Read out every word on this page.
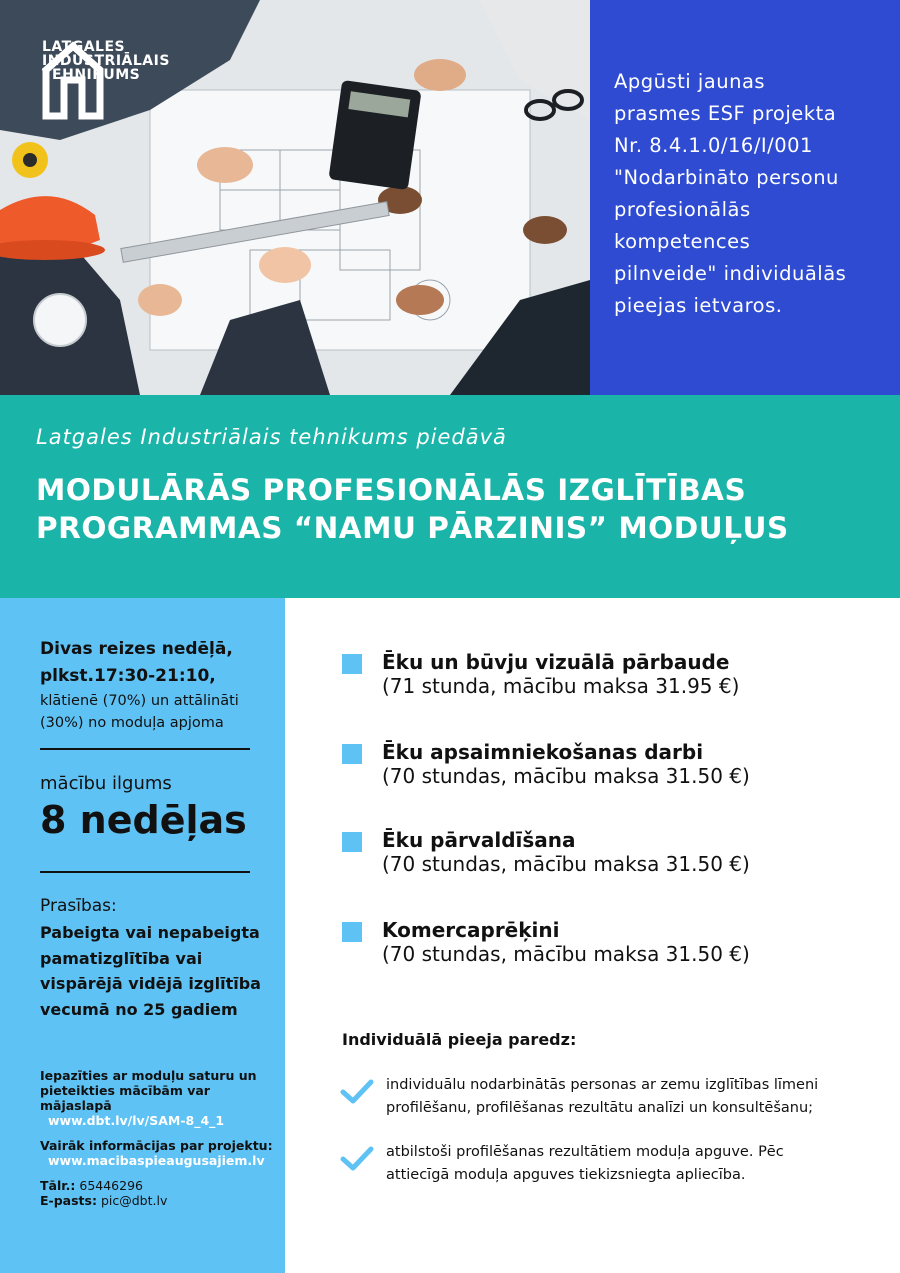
LATGALES
INDUSTRIĀLAIS
TEHNIKUMS	Apgūsti jaunas
prasmes ESF projekta
Nr. 8.4.1.0/16/I/001
"Nodarbināto personu
profesionālās
kompetences
pilnveide" individuālās
pieejas ietvaros.
Latgales Industriālais tehnikums piedāvā
MODULĀRĀS PROFESIONĀLĀS IZGLĪTĪBAS
PROGRAMMAS “NAMU PĀRZINIS” MODUĻUS
Divas reizes nedēļā,
plkst.17:30-21:10,
klātienē (70%) un attālināti
(30%) no moduļa apjoma
mācību ilgums
8 nedēļas
Prasības:
Pabeigta vai nepabeigta
pamatizglītība vai
vispārējā vidējā izglītība
vecumā no 25 gadiem
Iepazīties ar moduļu saturu un
pieteikties mācībām var mājaslapā
www.dbt.lv/lv/SAM-8_4_1
Vairāk informācijas par projektu:
www.macibaspieaugusajiem.lv
Tālr.: 65446296
E-pasts: pic@dbt.lv
Ēku un būvju vizuālā pārbaude
(71 stunda, mācību maksa 31.95 €)
Ēku apsaimniekošanas darbi
(70 stundas, mācību maksa 31.50 €)
Ēku pārvaldīšana
(70 stundas, mācību maksa 31.50 €)
Komercaprēķini
(70 stundas, mācību maksa 31.50 €)
Individuālā pieeja paredz:
individuālu nodarbinātās personas ar zemu izglītības līmeni
profilēšanu, profilēšanas rezultātu analīzi un konsultēšanu;
atbilstoši profilēšanas rezultātiem moduļa apguve. Pēc
attiecīgā moduļa apguves tiekizsniegta apliecība.
